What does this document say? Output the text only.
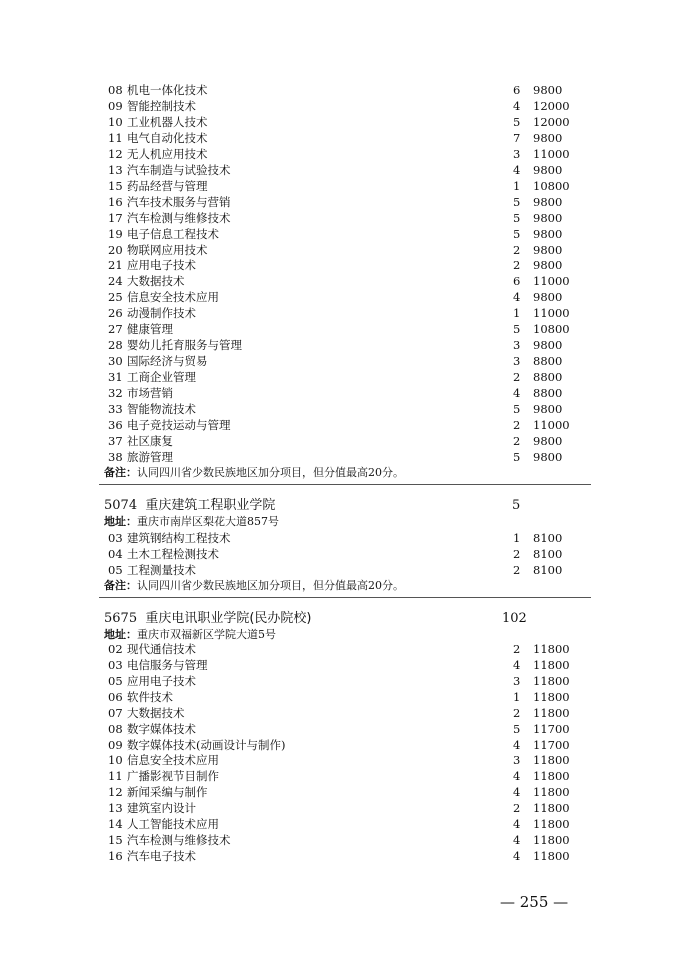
08 机电一体化技术	6 9800
09 智能控制技术	4 12000
10 工业机器人技术	5 12000
11 电气自动化技术	7 9800
12 无人机应用技术	3 11000
13 汽车制造与试验技术	4 9800
15 药品经营与管理	1 10800
16 汽车技术服务与营销	5 9800
17 汽车检测与维修技术	5 9800
19 电子信息工程技术	5 9800
20 物联网应用技术	2 9800
21 应用电子技术	2 9800
24 大数据技术	6 11000
25 信息安全技术应用	4 9800
26 动漫制作技术	1 11000
27 健康管理	5 10800
28 婴幼儿托育服务与管理	3 9800
30 国际经济与贸易	3 8800
31 工商企业管理	2 8800
32 市场营销	4 8800
33 智能物流技术	5 9800
36 电子竞技运动与管理	2 11000
37 社区康复	2 9800
38 旅游管理	5 9800
备注：认同四川省少数民族地区加分项目，但分值最高20分。
5074 重庆建筑工程职业学院	5
地址：重庆市南岸区梨花大道857号
03 建筑钢结构工程技术	1 8100
04 土木工程检测技术	2 8100
05 工程测量技术	2 8100
备注：认同四川省少数民族地区加分项目，但分值最高20分。
5675 重庆电讯职业学院(民办院校)	102
地址：重庆市双福新区学院大道5号
02 现代通信技术	2 11800
03 电信服务与管理	4 11800
05 应用电子技术	3 11800
06 软件技术	1 11800
07 大数据技术	2 11800
08 数字媒体技术	5 11700
09 数字媒体技术(动画设计与制作)	4 11700
10 信息安全技术应用	3 11800
11 广播影视节目制作	4 11800
12 新闻采编与制作	4 11800
13 建筑室内设计	2 11800
14 人工智能技术应用	4 11800
15 汽车检测与维修技术	4 11800
16 汽车电子技术	4 11800
— 255 —
